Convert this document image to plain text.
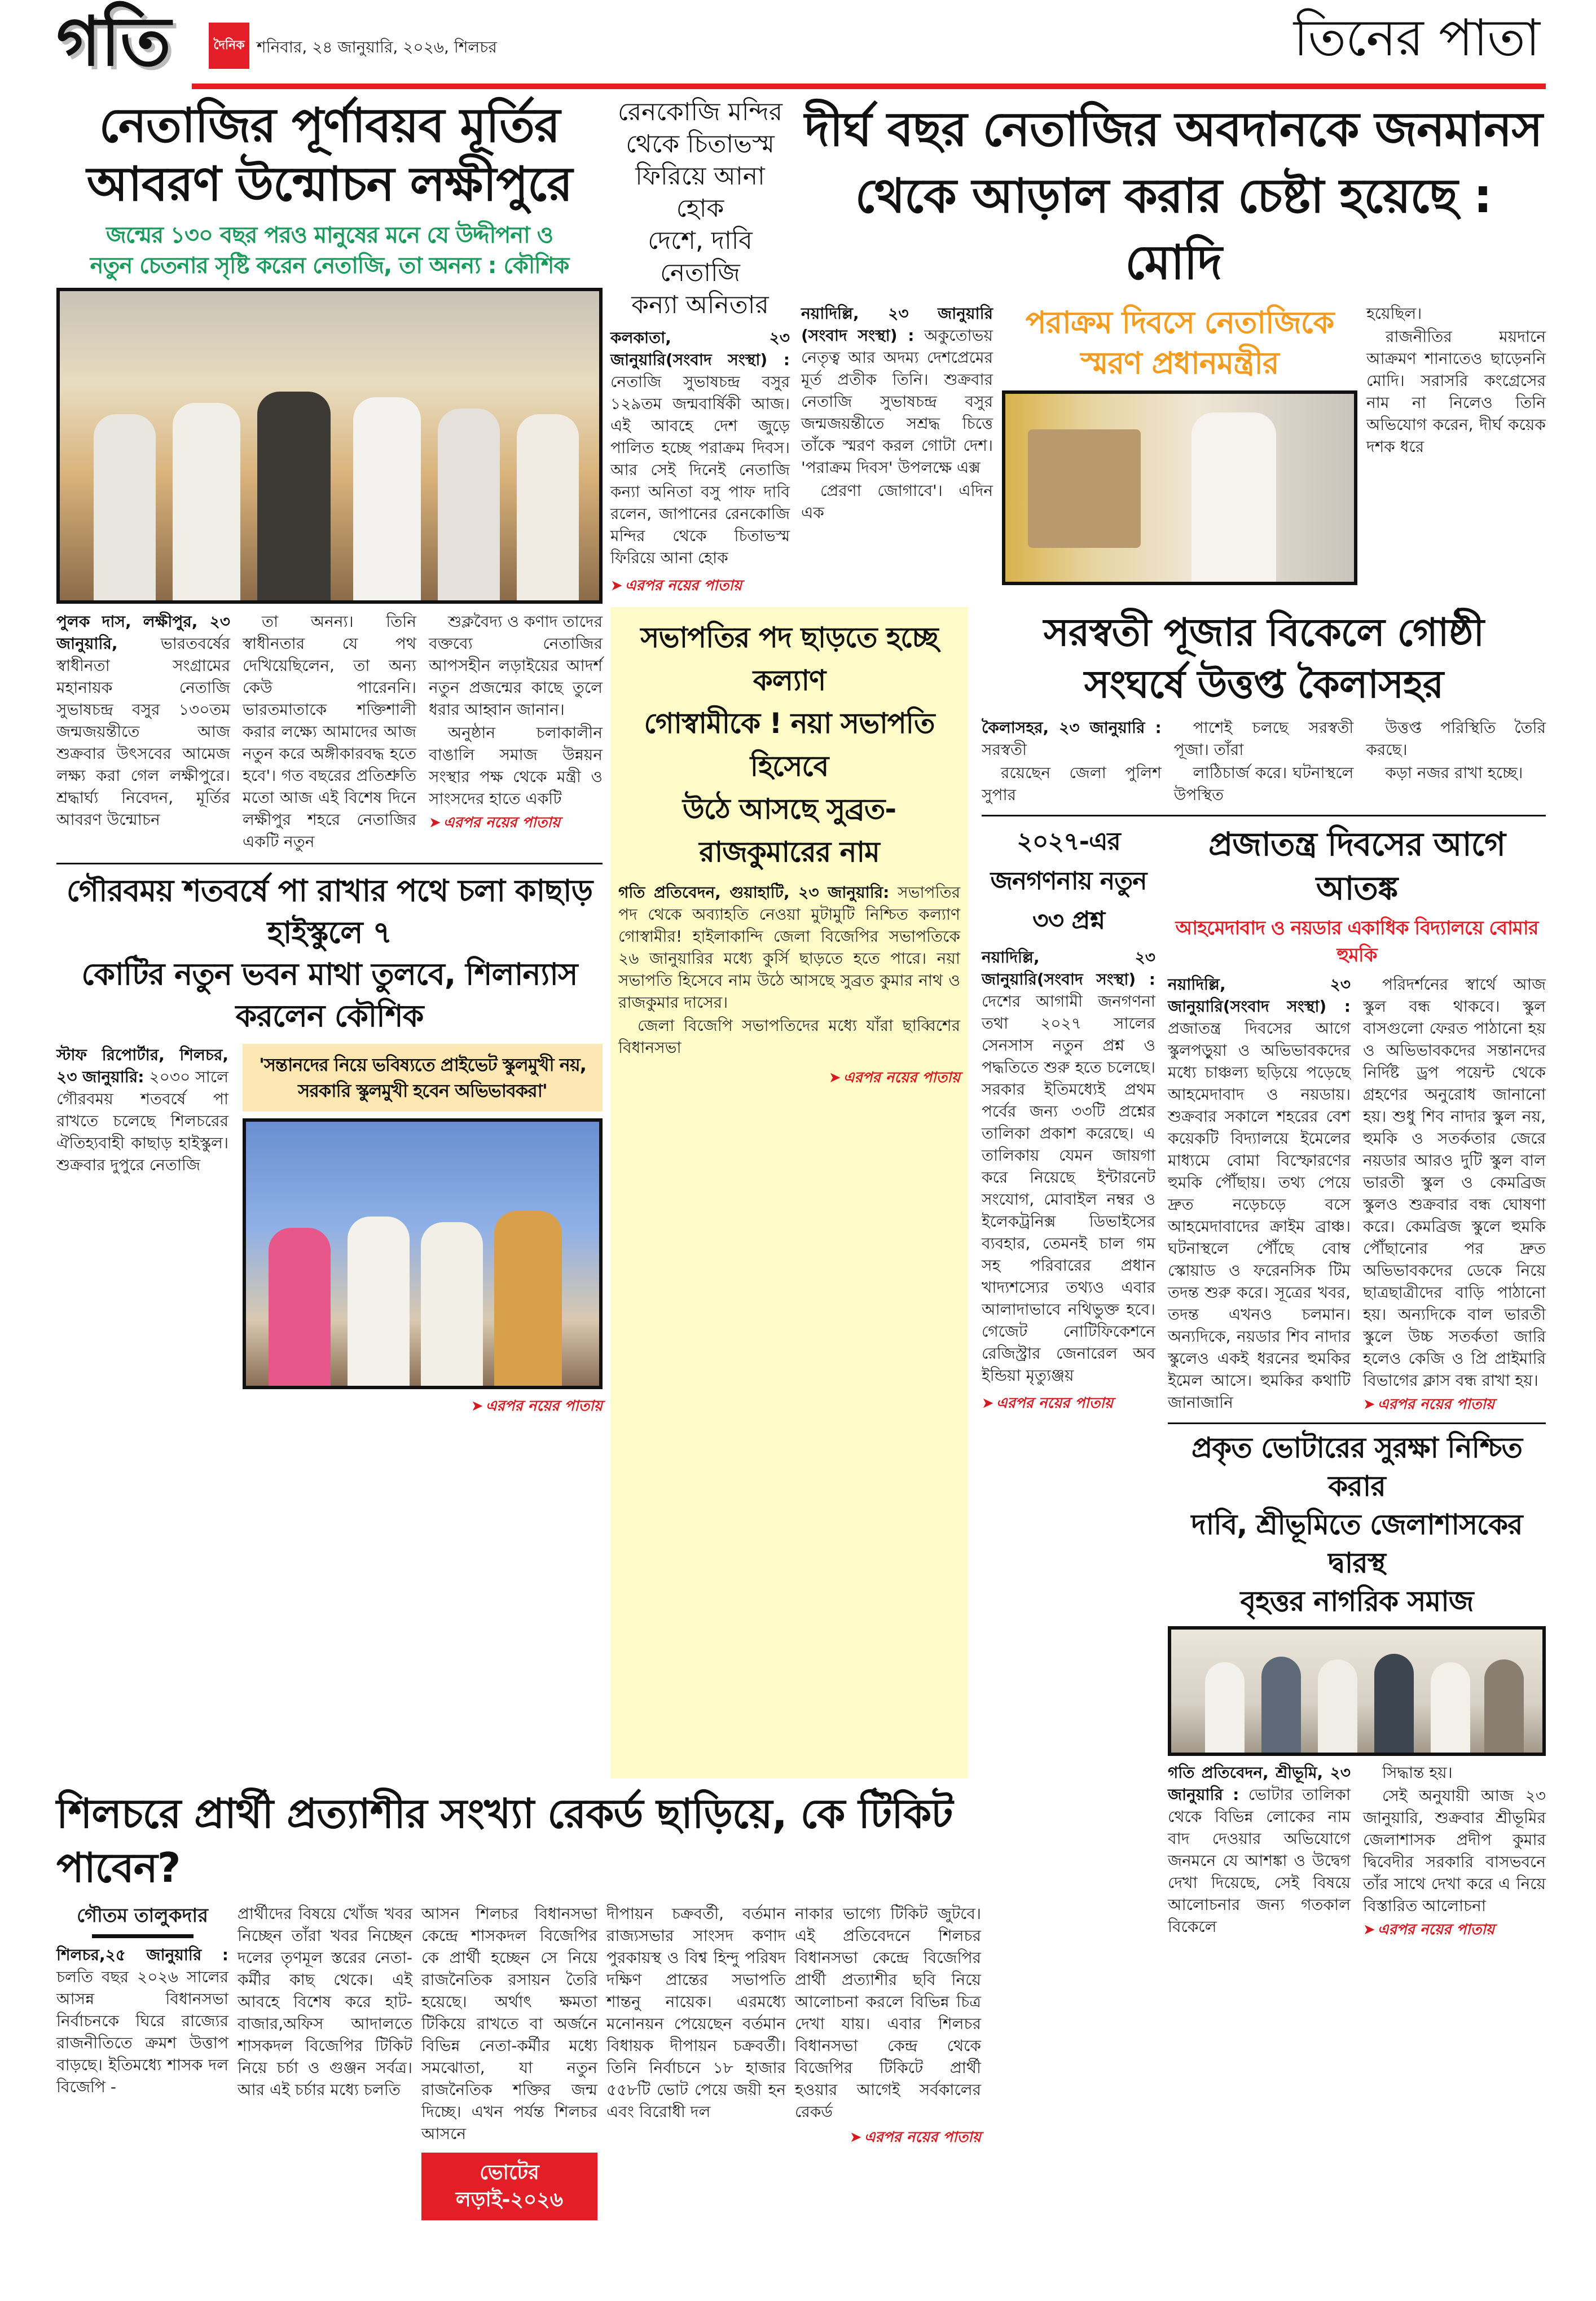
গতি	দৈনিক শনিবার, ২৪ জানুয়ারি, ২০২৬, শিলচর	তিনের পাতা
নেতাজির পূর্ণাবয়ব মূর্তির
আবরণ উন্মোচন লক্ষীপুরে
জন্মের ১৩০ বছর পরও মানুষের মনে যে উদ্দীপনা ও
নতুন চেতনার সৃষ্টি করেন নেতাজি, তা অনন্য : কৌশিক

পুলক দাস, লক্ষীপুর, ২৩ জানুয়ারি,	ভারতবর্ষের স্বাধীনতা সংগ্রামের মহানায়ক নেতাজি সুভাষচন্দ্র বসুর ১৩০তম জন্মজয়ন্তীতে আজ শুক্রবার উৎসবের আমেজ লক্ষ্য করা গেল লক্ষীপুরে। শ্রদ্ধার্ঘ্য নিবেদন, মূর্তির আবরণ উন্মোচন

তা অনন্য। তিনি স্বাধীনতার যে পথ দেখিয়েছিলেন, তা অন্য কেউ পারেননি। ভারতমাতাকে শক্তিশালী করার লক্ষ্যে আমাদের আজ নতুন করে অঙ্গীকারবদ্ধ হতে হবে'। গত বছরের প্রতিশ্রুতি মতো আজ এই বিশেষ দিনে লক্ষীপুর শহরে নেতাজির একটি নতুন

শুক্লবৈদ্য ও কণাদ তাদের বক্তব্যে নেতাজির আপসহীন লড়াইয়ের আদর্শ নতুন প্রজন্মের কাছে তুলে ধরার আহ্বান জানান।

অনুষ্ঠান চলাকালীন বাঙালি সমাজ উন্নয়ন সংস্থার পক্ষ থেকে মন্ত্রী ও সাংসদের হাতে একটি

➤ এরপর নয়ের পাতায়
গৌরবময় শতবর্ষে পা রাখার পথে চলা কাছাড় হাইস্কুলে ৭
কোটির নতুন ভবন মাথা তুলবে, শিলান্যাস করলেন কৌশিক

স্টাফ রিপোর্টার, শিলচর, ২৩ জানুয়ারি: ২০৩০ সালে গৌরবময় শতবর্ষে পা রাখতে চলেছে শিলচরের ঐতিহ্যবাহী কাছাড় হাইস্কুল। শুক্রবার দুপুরে নেতাজি

'সন্তানদের নিয়ে ভবিষ্যতে প্রাইভেট স্কুলমুখী নয়,
সরকারি স্কুলমুখী হবেন অভিভাবকরা'
➤ এরপর নয়ের পাতায়
রেনকোজি মন্দির
থেকে চিতাভস্ম
ফিরিয়ে আনা হোক
দেশে, দাবি নেতাজি
কন্যা অনিতার

কলকাতা, ২৩ জানুয়ারি(সংবাদ সংস্থা) : নেতাজি সুভাষচন্দ্র বসুর ১২৯তম জন্মবার্ষিকী আজ। এই আবহে দেশ জুড়ে পালিত হচ্ছে পরাক্রম দিবস। আর সেই দিনেই নেতাজি কন্যা অনিতা বসু পাফ দাবি রলেন, জাপানের রেনকোজি মন্দির থেকে চিতাভস্ম ফিরিয়ে আনা হোক

➤ এরপর নয়ের পাতায়
দীর্ঘ বছর নেতাজির অবদানকে জনমানস
থেকে আড়াল করার চেষ্টা হয়েছে : মোদি

নয়াদিল্লি, ২৩ জানুয়ারি (সংবাদ সংস্থা) : অকুতোভয় নেতৃত্ব আর অদম্য দেশপ্রেমের মূর্ত প্রতীক তিনি। শুক্রবার নেতাজি সুভাষচন্দ্র বসুর জন্মজয়ন্তীতে সশ্রদ্ধ চিত্তে তাঁকে স্মরণ করল গোটা দেশ। 'পরাক্রম দিবস' উপলক্ষে এক্স

প্রেরণা জোগাবে'। এদিন এক

পরাক্রম দিবসে নেতাজিকে
স্মরণ প্রধানমন্ত্রীর

হয়েছিল।

রাজনীতির ময়দানে আক্রমণ শানাতেও ছাড়েননি মোদি। সরাসরি কংগ্রেসের নাম না নিলেও তিনি অভিযোগ করেন, দীর্ঘ কয়েক দশক ধরে

সভাপতির পদ ছাড়তে হচ্ছে কল্যাণ
গোস্বামীকে ! নয়া সভাপতি হিসেবে
উঠে আসছে সুব্রত-রাজকুমারের নাম

গতি প্রতিবেদন, গুয়াহাটি, ২৩ জানুয়ারি: সভাপতির পদ থেকে অব্যাহতি নেওয়া মুটামুটি নিশ্চিত কল্যাণ গোস্বামীর! হাইলাকান্দি জেলা বিজেপির সভাপতিকে ২৬ জানুয়ারির মধ্যে কুর্সি ছাড়তে হতে পারে। নয়া সভাপতি হিসেবে নাম উঠে আসছে সুব্রত কুমার নাথ ও রাজকুমার দাসের।

জেলা বিজেপি সভাপতিদের মধ্যে যাঁরা ছাব্বিশের বিধানসভা

➤ এরপর নয়ের পাতায়
সরস্বতী পূজার বিকেলে গোষ্ঠী
সংঘর্ষে উত্তপ্ত কৈলাসহর

কৈলাসহর, ২৩ জানুয়ারি : সরস্বতী

রয়েছেন জেলা পুলিশ সুপার

পাশেই চলছে সরস্বতী পূজা। তাঁরা

লাঠিচার্জ করে। ঘটনাস্থলে উপস্থিত

উত্তপ্ত পরিস্থিতি তৈরি করছে।

কড়া নজর রাখা হচ্ছে।

২০২৭-এর
জনগণনায় নতুন
৩৩ প্রশ্ন

নয়াদিল্লি, ২৩ জানুয়ারি(সংবাদ সংস্থা) : দেশের আগামী জনগণনা তথা ২০২৭ সালের সেনসাস নতুন প্রশ্ন ও পদ্ধতিতে শুরু হতে চলেছে। সরকার ইতিমধ্যেই প্রথম পর্বের জন্য ৩৩টি প্রশ্নের তালিকা প্রকাশ করেছে। এ তালিকায় যেমন জায়গা করে নিয়েছে ইন্টারনেট সংযোগ, মোবাইল নম্বর ও ইলেকট্রনিক্স ডিভাইসের ব্যবহার, তেমনই চাল গম সহ পরিবারের প্রধান খাদ্যশস্যের তথ্যও এবার আলাদাভাবে নথিভুক্ত হবে। গেজেট নোটিফিকেশনে রেজিস্ট্রার জেনারেল অব ইন্ডিয়া মৃত্যুঞ্জয়

➤ এরপর নয়ের পাতায়
প্রজাতন্ত্র দিবসের আগে আতঙ্ক
আহমেদাবাদ ও নয়ডার একাধিক বিদ্যালয়ে বোমার হুমকি

নয়াদিল্লি, ২৩ জানুয়ারি(সংবাদ সংস্থা) : প্রজাতন্ত্র দিবসের আগে স্কুলপড়ুয়া ও অভিভাবকদের মধ্যে চাঞ্চল্য ছড়িয়ে পড়েছে আহমেদাবাদ ও নয়ডায়। শুক্রবার সকালে শহরের বেশ কয়েকটি বিদ্যালয়ে ইমেলের মাধ্যমে বোমা বিস্ফোরণের হুমকি পৌঁছায়। তথ্য পেয়ে দ্রুত নড়েচড়ে বসে আহমেদাবাদের ক্রাইম ব্রাঞ্চ। ঘটনাস্থলে পৌঁছে বোম্ব স্কোয়াড ও ফরেনসিক টিম তদন্ত শুরু করে। সূত্রের খবর, তদন্ত এখনও চলমান। অন্যদিকে, নয়ডার শিব নাদার স্কুলেও একই ধরনের হুমকির ইমেল আসে। হুমকির কথাটি জানাজানি

পরিদর্শনের স্বার্থে আজ স্কুল বন্ধ থাকবে। স্কুল বাসগুলো ফেরত পাঠানো হয় ও অভিভাবকদের সন্তানদের নির্দিষ্ট ড্রপ পয়েন্ট থেকে গ্রহণের অনুরোধ জানানো হয়। শুধু শিব নাদার স্কুল নয়, হুমকি ও সতর্কতার জেরে নয়ডার আরও দুটি স্কুল বাল ভারতী স্কুল ও কেমব্রিজ স্কুলও শুক্রবার বন্ধ ঘোষণা করে। কেমব্রিজ স্কুলে হুমকি পৌঁছানোর পর দ্রুত অভিভাবকদের ডেকে নিয়ে ছাত্রছাত্রীদের বাড়ি পাঠানো হয়। অন্যদিকে বাল ভারতী স্কুলে উচ্চ সতর্কতা জারি হলেও কেজি ও প্রি প্রাইমারি বিভাগের ক্লাস বন্ধ রাখা হয়।

➤ এরপর নয়ের পাতায়
প্রকৃত ভোটারের সুরক্ষা নিশ্চিত করার
দাবি, শ্রীভূমিতে জেলাশাসকের দ্বারস্থ
বৃহত্তর নাগরিক সমাজ

গতি প্রতিবেদন, শ্রীভূমি, ২৩ জানুয়ারি : ভোটার তালিকা থেকে বিভিন্ন লোকের নাম বাদ দেওয়ার অভিযোগে জনমনে যে আশঙ্কা ও উদ্বেগ দেখা দিয়েছে, সেই বিষয়ে আলোচনার জন্য গতকাল বিকেলে

সিদ্ধান্ত হয়।

সেই অনুযায়ী আজ ২৩ জানুয়ারি, শুক্রবার শ্রীভূমির জেলাশাসক প্রদীপ কুমার দ্বিবেদীর সরকারি বাসভবনে তাঁর সাথে দেখা করে এ নিয়ে বিস্তারিত আলোচনা

➤ এরপর নয়ের পাতায়
শিলচরে প্রার্থী প্রত্যাশীর সংখ্যা রেকর্ড ছাড়িয়ে, কে টিকিট পাবেন?
গৌতম তালুকদার

শিলচর,২৫ জানুয়ারি : চলতি বছর ২০২৬ সালের আসন্ন বিধানসভা নির্বাচনকে ঘিরে রাজ্যের রাজনীতিতে ক্রমশ উত্তাপ বাড়ছে। ইতিমধ্যে শাসক দল বিজেপি -

প্রার্থীদের বিষয়ে খোঁজ খবর নিচ্ছেন তাঁরা খবর নিচ্ছেন দলের তৃণমূল স্তরের নেতা-কর্মীর কাছ থেকে। এই আবহে বিশেষ করে হাট-বাজার,অফিস আদালতে শাসকদল বিজেপির টিকিট নিয়ে চর্চা ও গুঞ্জন সর্বত্র। আর এই চর্চার মধ্যে চলতি
আসন শিলচর বিধানসভা কেন্দ্রে শাসকদল বিজেপির কে প্রার্থী হচ্ছেন সে নিয়ে রাজনৈতিক রসায়ন তৈরি হয়েছে। অর্থাৎ ক্ষমতা টিকিয়ে রাখতে বা অর্জনে বিভিন্ন নেতা-কর্মীর মধ্যে সমঝোতা, যা নতুন রাজনৈতিক শক্তির জন্ম দিচ্ছে। এখন পর্যন্ত শিলচর আসনে
ভোটের লড়াই-২০২৬
দীপায়ন চক্রবর্তী, বর্তমান রাজ্যসভার সাংসদ কণাদ পুরকায়স্থ ও বিশ্ব হিন্দু পরিষদ দক্ষিণ প্রান্তের সভাপতি শান্তনু নায়েক। এরমধ্যে মনোনয়ন পেয়েছেন বর্তমান বিধায়ক দীপায়ন চক্রবর্তী। তিনি নির্বাচনে ১৮ হাজার ৫৫৮টি ভোট পেয়ে জয়ী হন এবং বিরোধী দল
নাকার ভাগ্যে টিকিট জুটবে। এই প্রতিবেদনে শিলচর বিধানসভা কেন্দ্রে বিজেপির প্রার্থী প্রত্যাশীর ছবি নিয়ে আলোচনা করলে বিভিন্ন চিত্র দেখা যায়। এবার শিলচর বিধানসভা কেন্দ্র থেকে বিজেপির টিকিটে প্রার্থী হওয়ার আগেই সর্বকালের রেকর্ড
➤ এরপর নয়ের পাতায়
